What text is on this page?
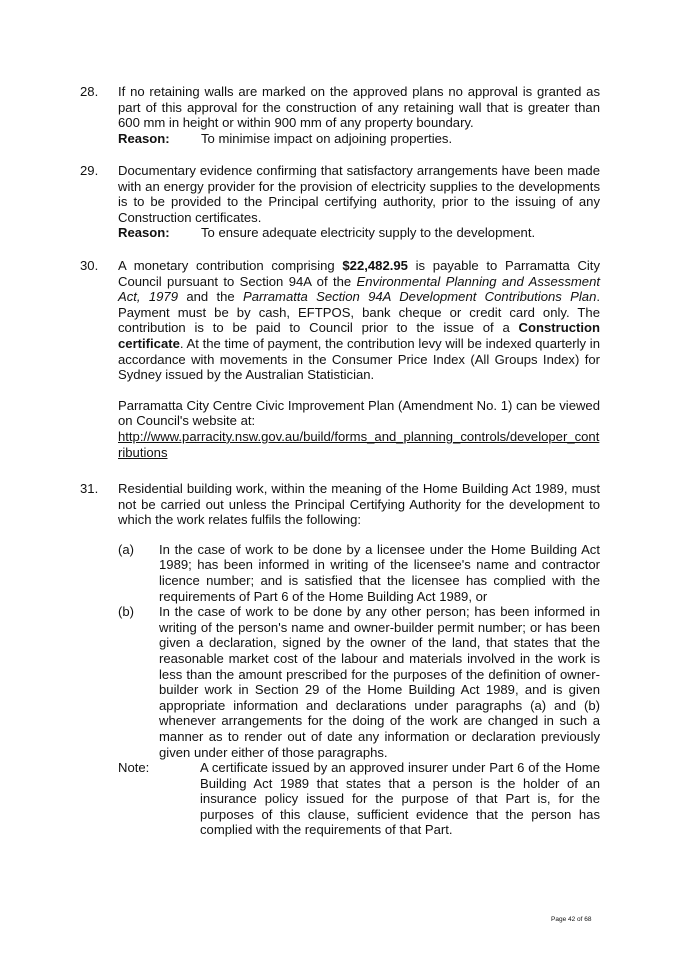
28. If no retaining walls are marked on the approved plans no approval is granted as part of this approval for the construction of any retaining wall that is greater than 600 mm in height or within 900 mm of any property boundary.
Reason:	To minimise impact on adjoining properties.
29. Documentary evidence confirming that satisfactory arrangements have been made with an energy provider for the provision of electricity supplies to the developments is to be provided to the Principal certifying authority, prior to the issuing of any Construction certificates.
Reason:	To ensure adequate electricity supply to the development.
30. A monetary contribution comprising $22,482.95 is payable to Parramatta City Council pursuant to Section 94A of the Environmental Planning and Assessment Act, 1979 and the Parramatta Section 94A Development Contributions Plan. Payment must be by cash, EFTPOS, bank cheque or credit card only. The contribution is to be paid to Council prior to the issue of a Construction certificate. At the time of payment, the contribution levy will be indexed quarterly in accordance with movements in the Consumer Price Index (All Groups Index) for Sydney issued by the Australian Statistician.
Parramatta City Centre Civic Improvement Plan (Amendment No. 1) can be viewed on Council's website at:
http://www.parracity.nsw.gov.au/build/forms_and_planning_controls/developer_contributions
31. Residential building work, within the meaning of the Home Building Act 1989, must not be carried out unless the Principal Certifying Authority for the development to which the work relates fulfils the following:
(a) In the case of work to be done by a licensee under the Home Building Act 1989; has been informed in writing of the licensee's name and contractor licence number; and is satisfied that the licensee has complied with the requirements of Part 6 of the Home Building Act 1989, or
(b) In the case of work to be done by any other person; has been informed in writing of the person's name and owner-builder permit number; or has been given a declaration, signed by the owner of the land, that states that the reasonable market cost of the labour and materials involved in the work is less than the amount prescribed for the purposes of the definition of owner-builder work in Section 29 of the Home Building Act 1989, and is given appropriate information and declarations under paragraphs (a) and (b) whenever arrangements for the doing of the work are changed in such a manner as to render out of date any information or declaration previously given under either of those paragraphs.
Note:	A certificate issued by an approved insurer under Part 6 of the Home Building Act 1989 that states that a person is the holder of an insurance policy issued for the purpose of that Part is, for the purposes of this clause, sufficient evidence that the person has complied with the requirements of that Part.
Page 42 of 68
